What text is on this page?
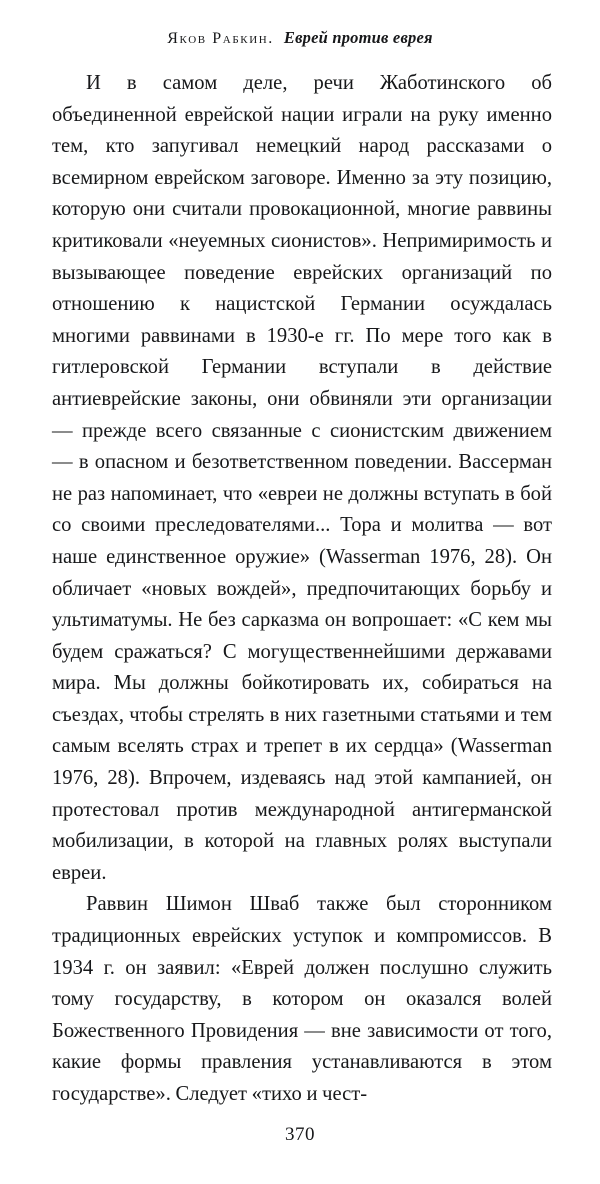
Яков Рабкин. Еврей против еврея

И в самом деле, речи Жаботинского об объединенной еврейской нации играли на руку именно тем, кто запугивал немецкий народ рассказами о всемирном еврейском заговоре. Именно за эту позицию, которую они считали провокационной, многие раввины критиковали «неуемных сионистов». Непримиримость и вызывающее поведение еврейских организаций по отношению к нацистской Германии осуждалась многими раввинами в 1930-е гг. По мере того как в гитлеровской Германии вступали в действие антиеврейские законы, они обвиняли эти организации — прежде всего связанные с сионистским движением — в опасном и безответственном поведении. Вассерман не раз напоминает, что «евреи не должны вступать в бой со своими преследователями... Тора и молитва — вот наше единственное оружие» (Wasserman 1976, 28). Он обличает «новых вождей», предпочитающих борьбу и ультиматумы. Не без сарказма он вопрошает: «С кем мы будем сражаться? С могущественнейшими державами мира. Мы должны бойкотировать их, собираться на съездах, чтобы стрелять в них газетными статьями и тем самым вселять страх и трепет в их сердца» (Wasserman 1976, 28). Впрочем, издеваясь над этой кампанией, он протестовал против международной антигерманской мобилизации, в которой на главных ролях выступали евреи.

Раввин Шимон Шваб также был сторонником традиционных еврейских уступок и компромиссов. В 1934 г. он заявил: «Еврей должен послушно служить тому государству, в котором он оказался волей Божественного Провидения — вне зависимости от того, какие формы правления устанавливаются в этом государстве». Следует «тихо и чест-

370
